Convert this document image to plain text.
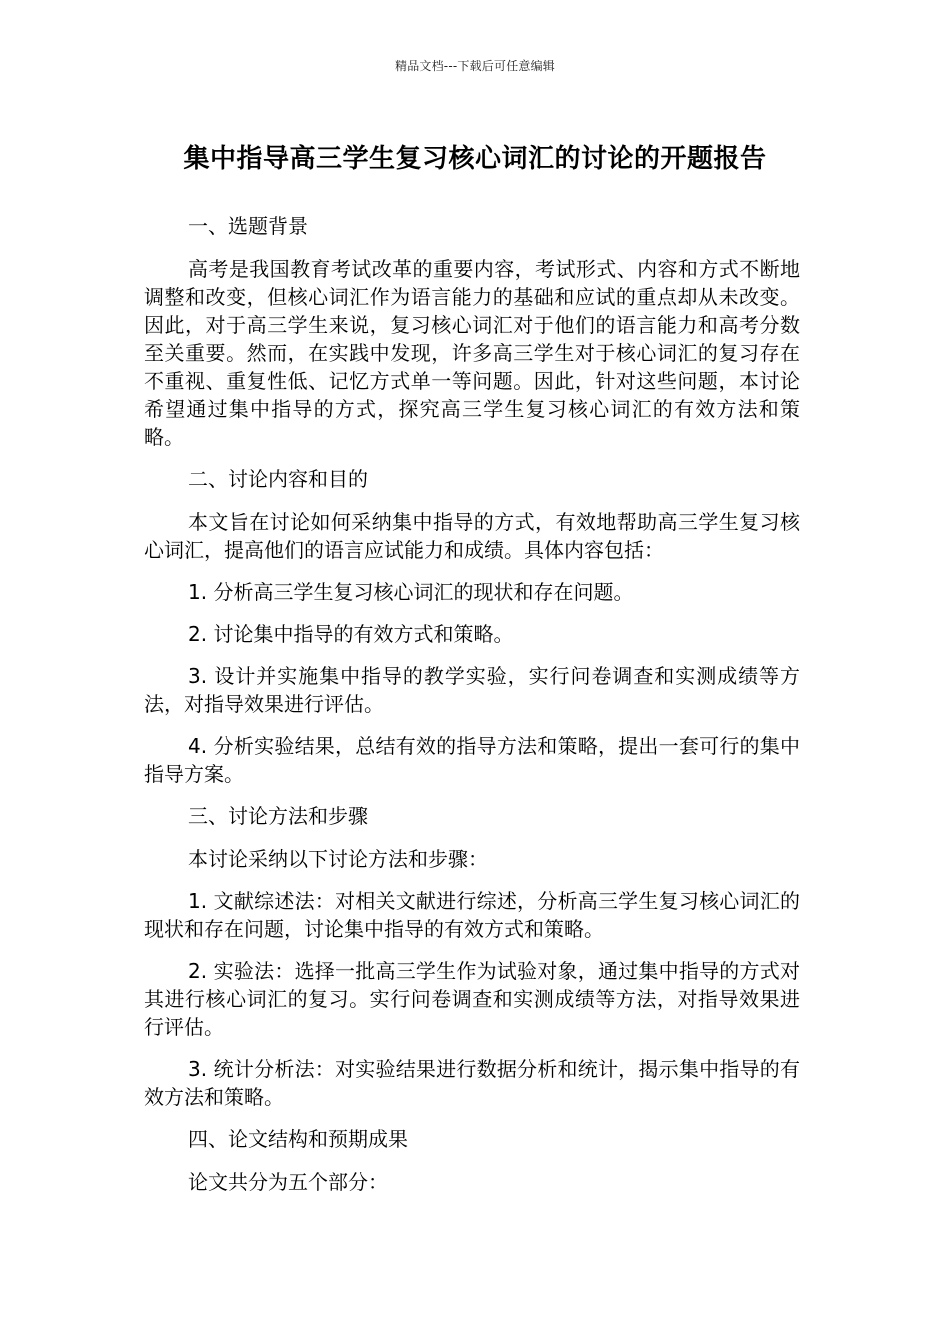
精品文档---下载后可任意编辑
集中指导高三学生复习核心词汇的讨论的开题报告

一、选题背景

高考是我国教育考试改革的重要内容，考试形式、内容和方式不断地调整和改变，但核心词汇作为语言能力的基础和应试的重点却从未改变。因此，对于高三学生来说，复习核心词汇对于他们的语言能力和高考分数至关重要。然而，在实践中发现，许多高三学生对于核心词汇的复习存在不重视、重复性低、记忆方式单一等问题。因此，针对这些问题，本讨论希望通过集中指导的方式，探究高三学生复习核心词汇的有效方法和策略。

二、讨论内容和目的

本文旨在讨论如何采纳集中指导的方式，有效地帮助高三学生复习核心词汇，提高他们的语言应试能力和成绩。具体内容包括：

1. 分析高三学生复习核心词汇的现状和存在问题。

2. 讨论集中指导的有效方式和策略。

3. 设计并实施集中指导的教学实验，实行问卷调查和实测成绩等方法，对指导效果进行评估。

4. 分析实验结果，总结有效的指导方法和策略，提出一套可行的集中指导方案。

三、讨论方法和步骤

本讨论采纳以下讨论方法和步骤：

1. 文献综述法：对相关文献进行综述，分析高三学生复习核心词汇的现状和存在问题，讨论集中指导的有效方式和策略。

2. 实验法：选择一批高三学生作为试验对象，通过集中指导的方式对其进行核心词汇的复习。实行问卷调查和实测成绩等方法，对指导效果进行评估。

3. 统计分析法：对实验结果进行数据分析和统计，揭示集中指导的有效方法和策略。

四、论文结构和预期成果

论文共分为五个部分：
